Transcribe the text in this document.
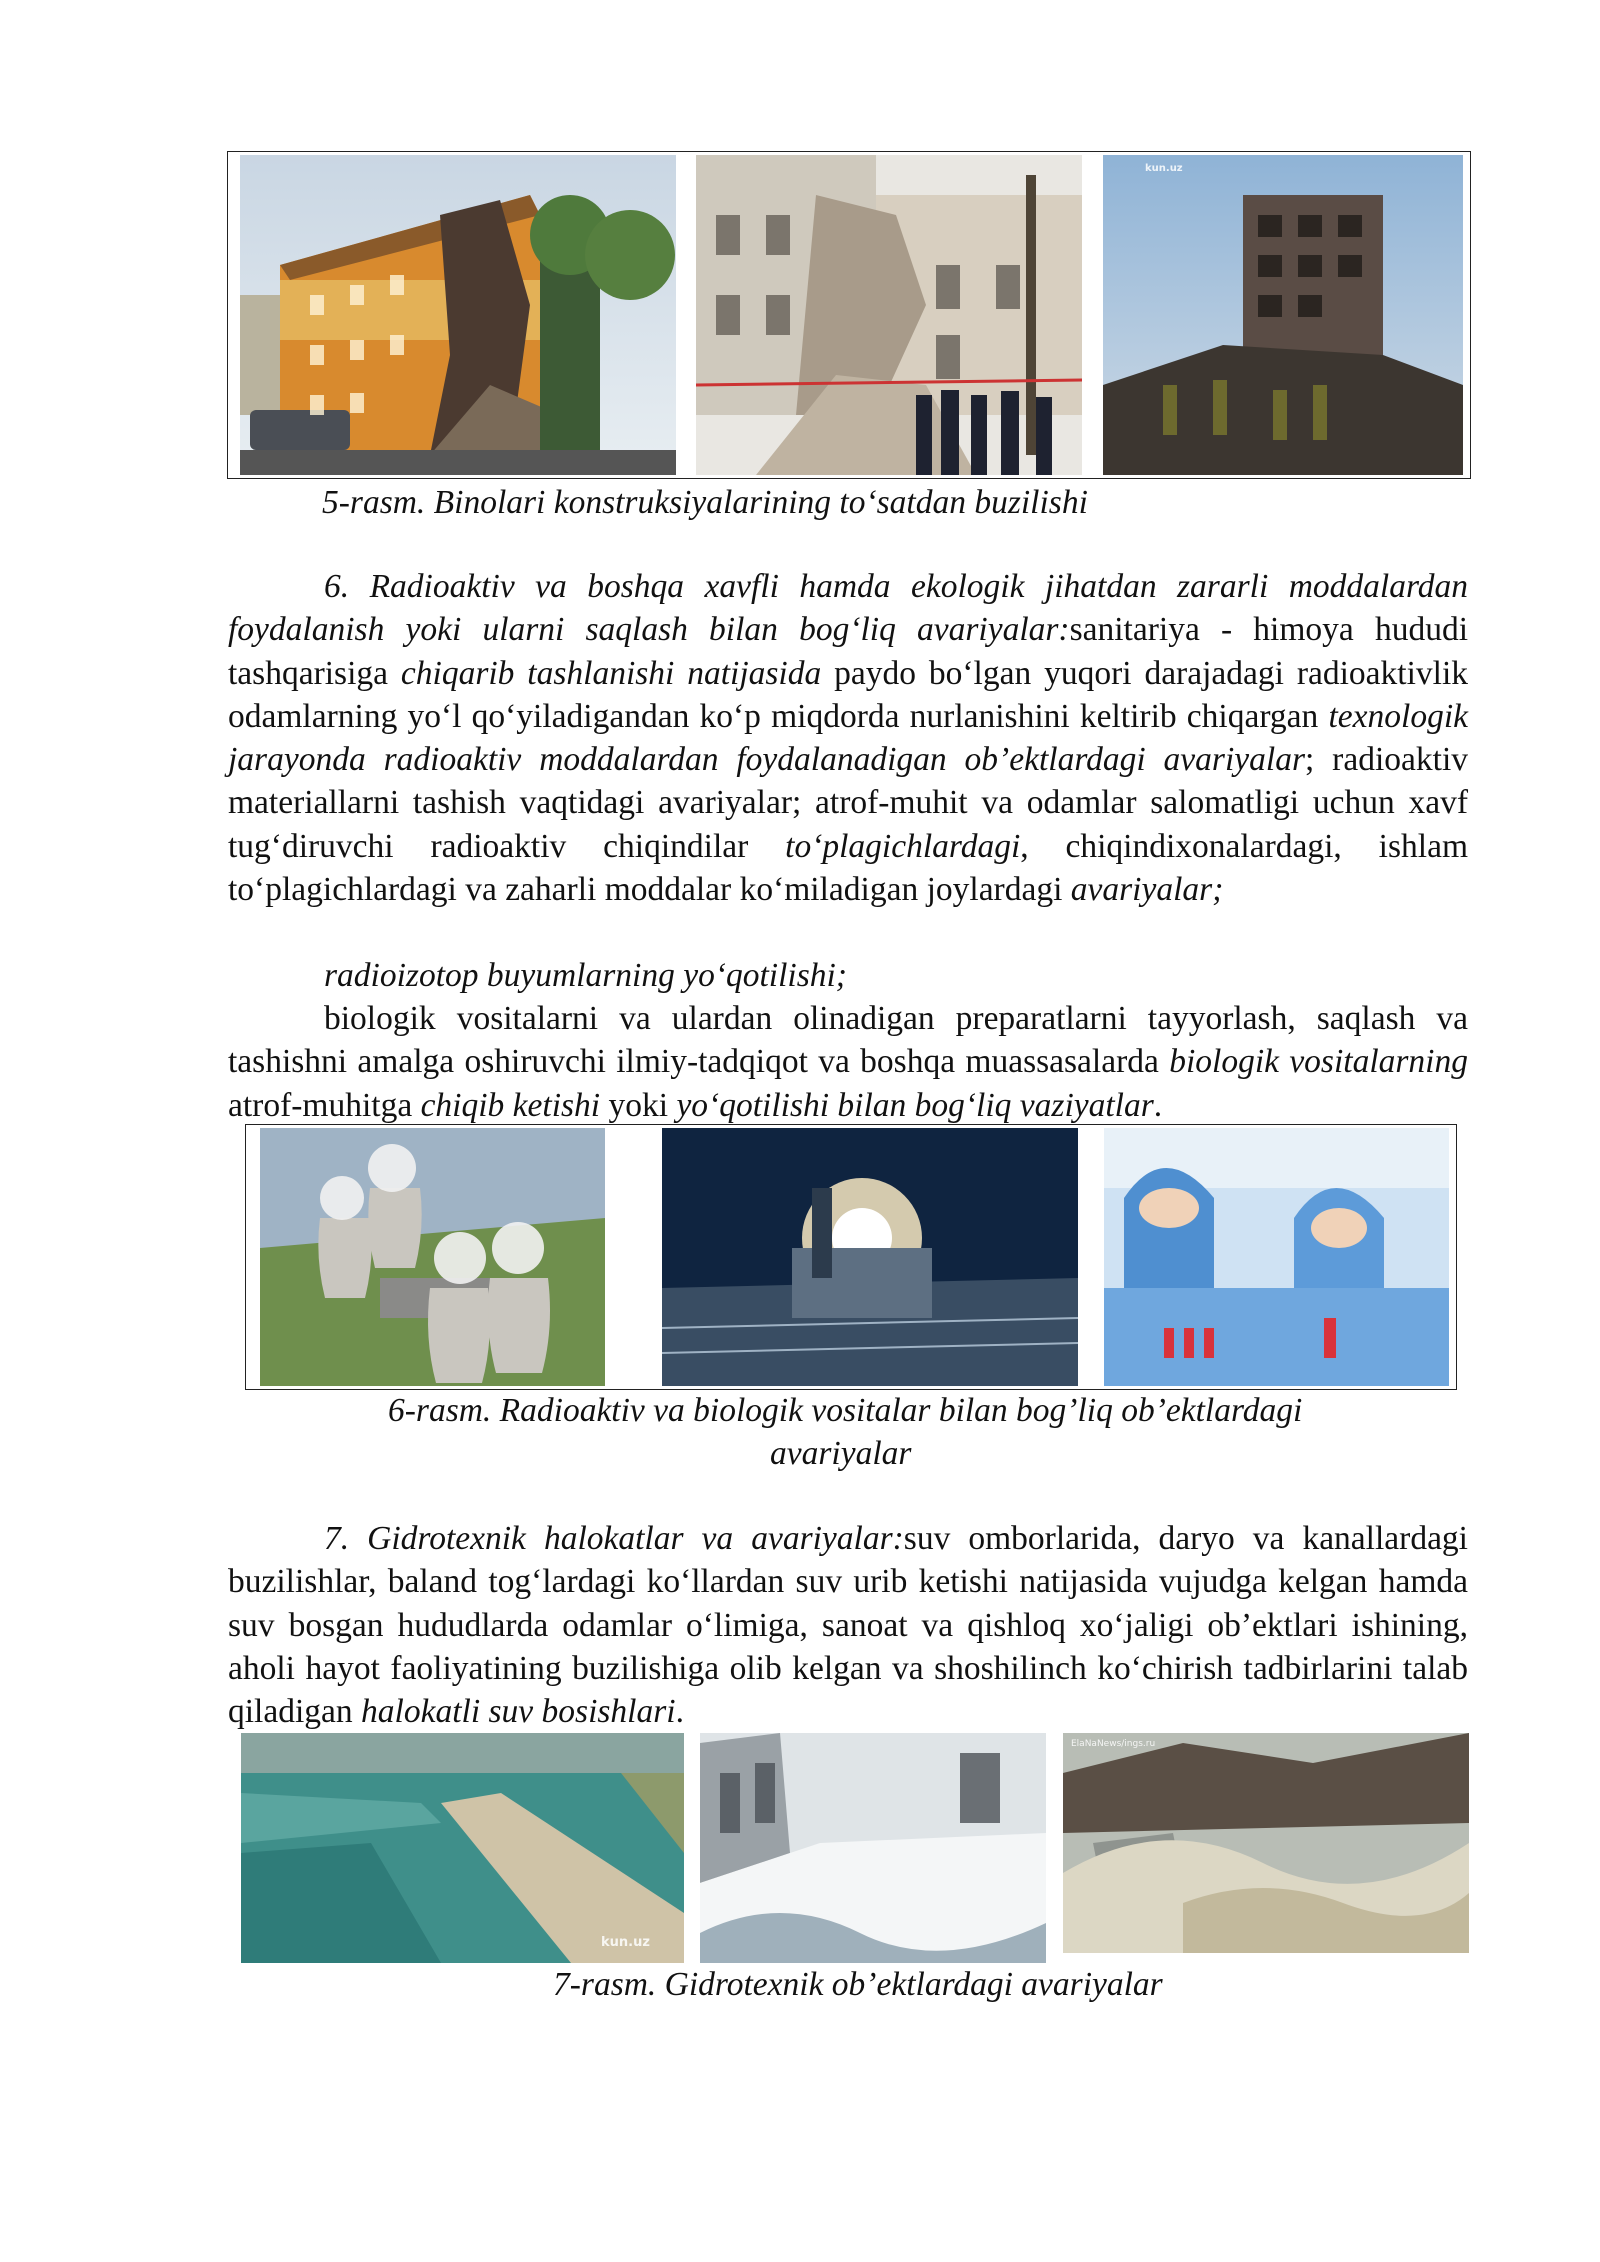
kun.uz

5-rasm. Binolari konstruksiyalarining to‘satdan buzilishi

6. Radioaktiv va boshqa xavfli hamda ekologik jihatdan zararli moddalardan foydalanish yoki ularni saqlash bilan bog‘liq avariyalar:sanitariya - himoya hududi tashqarisiga chiqarib tashlanishi natijasida paydo bo‘lgan yuqori darajadagi radioaktivlik odamlarning yo‘l qo‘yiladigandan ko‘p miqdorda nurlanishini keltirib chiqargan texnologik jarayonda radioaktiv moddalardan foydalanadigan ob’ektlardagi avariyalar; radioaktiv materiallarni tashish vaqtidagi avariyalar; atrof-muhit va odamlar salomatligi uchun xavf tug‘diruvchi radioaktiv chiqindilar to‘plagichlardagi, chiqindixonalardagi, ishlam to‘plagichlardagi va zaharli moddalar ko‘miladigan joylardagi avariyalar;

radioizotop buyumlarning yo‘qotilishi;

biologik vositalarni va ulardan olinadigan preparatlarni tayyorlash, saqlash va tashishni amalga oshiruvchi ilmiy-tadqiqot va boshqa muassasalarda biologik vositalarning atrof-muhitga chiqib ketishi yoki yo‘qotilishi bilan bog‘liq vaziyatlar.

6-rasm. Radioaktiv va biologik vositalar bilan bog’liq ob’ektlardagi

avariyalar

7. Gidrotexnik halokatlar va avariyalar:suv omborlarida, daryo va kanallardagi buzilishlar, baland tog‘lardagi ko‘llardan suv urib ketishi natijasida vujudga kelgan hamda suv bosgan hududlarda odamlar o‘limiga, sanoat va qishloq xo‘jaligi ob’ektlari ishining, aholi hayot faoliyatining buzilishiga olib kelgan va shoshilinch ko‘chirish tadbirlarini talab qiladigan halokatli suv bosishlari.

kun.uz
ElaNaNews/ings.ru

7-rasm. Gidrotexnik ob’ektlardagi avariyalar
